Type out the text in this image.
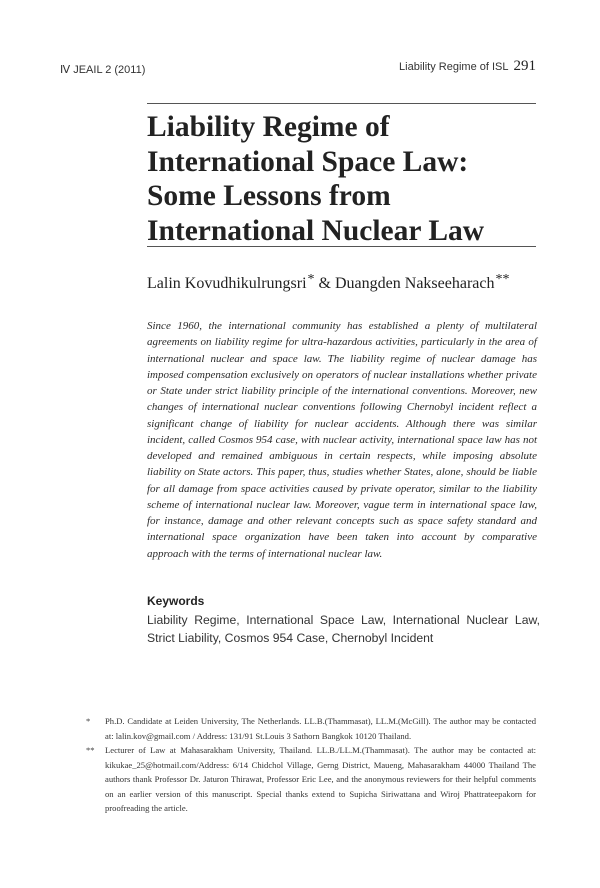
Ⅳ JEAIL 2 (2011)	Liability Regime of ISL 291
Liability Regime of International Space Law: Some Lessons from International Nuclear Law
Lalin Kovudhikulrungsri* & Duangden Nakseeharach**

Since 1960, the international community has established a plenty of multilateral agreements on liability regime for ultra-hazardous activities, particularly in the area of international nuclear and space law. The liability regime of nuclear damage has imposed compensation exclusively on operators of nuclear installations whether private or State under strict liability principle of the international conventions. Moreover, new changes of international nuclear conventions following Chernobyl incident reflect a significant change of liability for nuclear accidents. Although there was similar incident, called Cosmos 954 case, with nuclear activity, international space law has not developed and remained ambiguous in certain respects, while imposing absolute liability on State actors. This paper, thus, studies whether States, alone, should be liable for all damage from space activities caused by private operator, similar to the liability scheme of international nuclear law. Moreover, vague term in international space law, for instance, damage and other relevant concepts such as space safety standard and international space organization have been taken into account by comparative approach with the terms of international nuclear law.

Keywords

Liability Regime, International Space Law, International Nuclear Law, Strict Liability, Cosmos 954 Case, Chernobyl Incident

* Ph.D. Candidate at Leiden University, The Netherlands. LL.B.(Thammasat), LL.M.(McGill). The author may be contacted at: lalin.kov@gmail.com / Address: 131/91 St.Louis 3 Sathorn Bangkok 10120 Thailand.

** Lecturer of Law at Mahasarakham University, Thailand. LL.B./LL.M.(Thammasat). The author may be contacted at: kikukae_25@hotmail.com/Address: 6/14 Chidchol Village, Gerng District, Maueng, Mahasarakham 44000 Thailand The authors thank Professor Dr. Jaturon Thirawat, Professor Eric Lee, and the anonymous reviewers for their helpful comments on an earlier version of this manuscript. Special thanks extend to Supicha Siriwattana and Wiroj Phattrateepakorn for proofreading the article.
